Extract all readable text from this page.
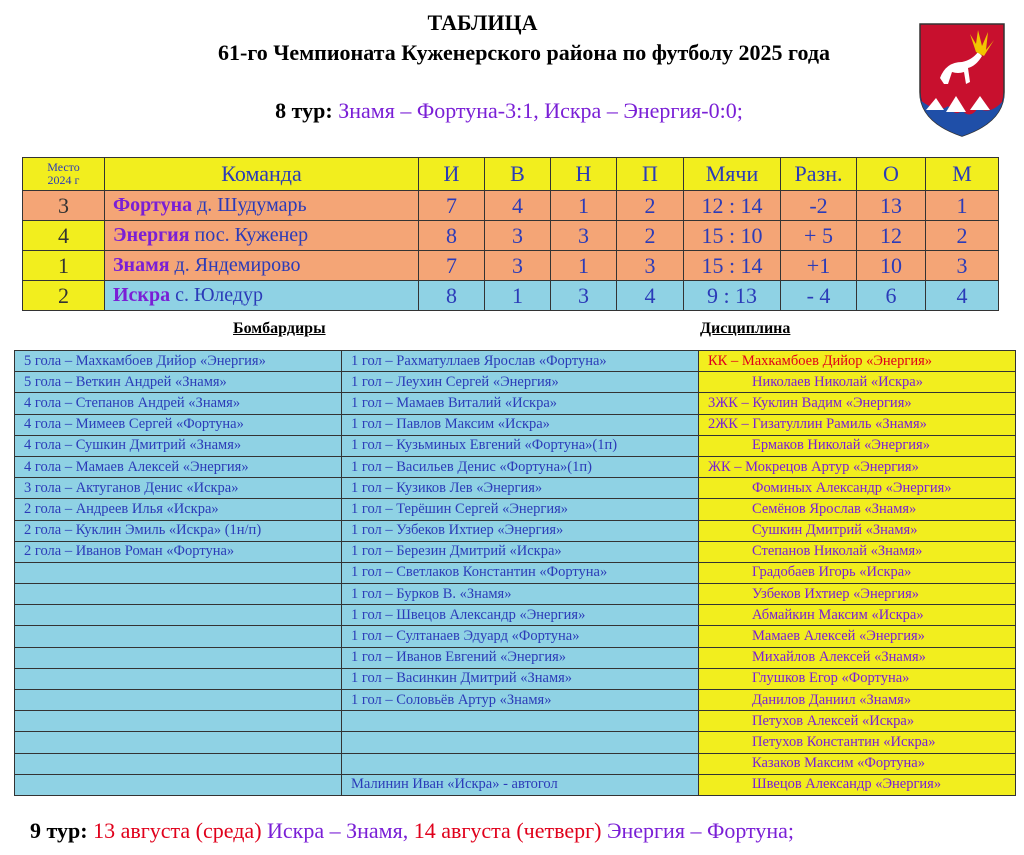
ТАБЛИЦА
61-го Чемпионата Куженерского района по футболу 2025 года
8 тур: Знамя – Фортуна-3:1, Искра – Энергия-0:0;
Место
2024 г	Команда	И	В	Н	П	Мячи	Разн.	О	М
3	Фортуна д. Шудумарь	7	4	1	2	12 : 14	-2	13	1
4	Энергия пос. Куженер	8	3	3	2	15 : 10	+ 5	12	2
1	Знамя д. Яндемирово	7	3	1	3	15 : 14	+1	10	3
2	Искра с. Юледур	8	1	3	4	9 : 13	- 4	6	4
Бомбардиры	Дисциплина
5 гола – Махкамбоев Дийор «Энергия»	1 гол – Рахматуллаев Ярослав «Фортуна»	КК – Махкамбоев Дийор «Энергия»
5 гола – Веткин Андрей «Знамя»	1 гол – Леухин Сергей «Энергия»	Николаев Николай «Искра»
4 гола – Степанов Андрей «Знамя»	1 гол – Мамаев Виталий «Искра»	3ЖК – Куклин Вадим «Энергия»
4 гола – Мимеев Сергей «Фортуна»	1 гол – Павлов Максим «Искра»	2ЖК – Гизатуллин Рамиль «Знамя»
4 гола – Сушкин Дмитрий «Знамя»	1 гол – Кузьминых Евгений «Фортуна»(1п)	Ермаков Николай «Энергия»
4 гола – Мамаев Алексей «Энергия»	1 гол – Васильев Денис «Фортуна»(1п)	ЖК – Мокрецов Артур «Энергия»
3 гола – Актуганов Денис «Искра»	1 гол – Кузиков Лев «Энергия»	Фоминых Александр «Энергия»
2 гола – Андреев Илья «Искра»	1 гол – Терёшин Сергей «Энергия»	Семёнов Ярослав «Знамя»
2 гола – Куклин Эмиль «Искра» (1н/п)	1 гол – Узбеков Ихтиер «Энергия»	Сушкин Дмитрий «Знамя»
2 гола – Иванов Роман «Фортуна»	1 гол – Березин Дмитрий «Искра»	Степанов Николай «Знамя»
	1 гол – Светлаков Константин «Фортуна»	Градобаев Игорь «Искра»
	1 гол – Бурков В. «Знамя»	Узбеков Ихтиер «Энергия»
	1 гол – Швецов Александр «Энергия»	Абмайкин Максим «Искра»
	1 гол – Султанаев Эдуард «Фортуна»	Мамаев Алексей «Энергия»
	1 гол – Иванов Евгений «Энергия»	Михайлов Алексей «Знамя»
	1 гол – Васинкин Дмитрий «Знамя»	Глушков Егор «Фортуна»
	1 гол – Соловьёв Артур «Знамя»	Данилов Даниил «Знамя»
		Петухов Алексей «Искра»
		Петухов Константин «Искра»
		Казаков Максим «Фортуна»
	Малинин Иван «Искра» - автогол	Швецов Александр «Энергия»
9 тур: 13 августа (среда) Искра – Знамя, 14 августа (четверг) Энергия – Фортуна;
